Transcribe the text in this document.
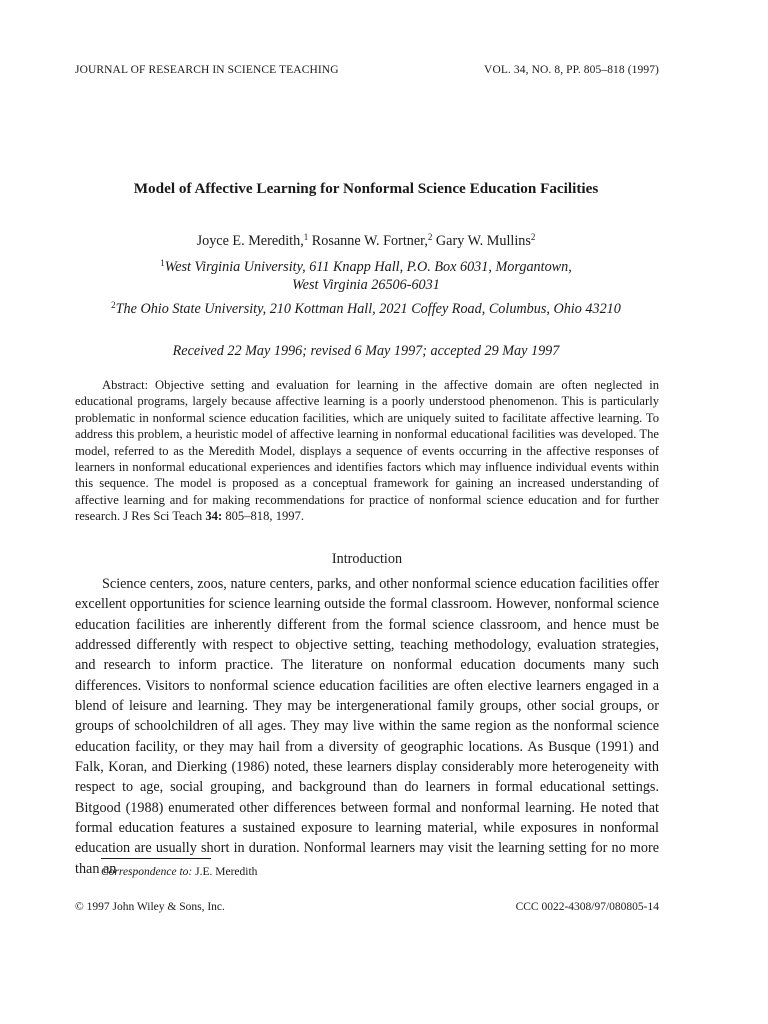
JOURNAL OF RESEARCH IN SCIENCE TEACHING	VOL. 34, NO. 8, PP. 805–818 (1997)
Model of Affective Learning for Nonformal Science Education Facilities
Joyce E. Meredith,$^1$ Rosanne W. Fortner,$^2$ Gary W. Mullins$^2$
$^1$West Virginia University, 611 Knapp Hall, P.O. Box 6031, Morgantown,
West Virginia 26506-6031
$^2$The Ohio State University, 210 Kottman Hall, 2021 Coffey Road, Columbus, Ohio 43210
Received 22 May 1996; revised 6 May 1997; accepted 29 May 1997

Abstract: Objective setting and evaluation for learning in the affective domain are often neglected in educational programs, largely because affective learning is a poorly understood phenomenon. This is particularly problematic in nonformal science education facilities, which are uniquely suited to facilitate affective learning. To address this problem, a heuristic model of affective learning in nonformal educational facilities was developed. The model, referred to as the Meredith Model, displays a sequence of events occurring in the affective responses of learners in nonformal educational experiences and identifies factors which may influence individual events within this sequence. The model is proposed as a conceptual framework for gaining an increased understanding of affective learning and for making recommendations for practice of nonformal science education and for further research. J Res Sci Teach 34: 805–818, 1997.

Introduction

Science centers, zoos, nature centers, parks, and other nonformal science education facilities offer excellent opportunities for science learning outside the formal classroom. However, nonformal science education facilities are inherently different from the formal science classroom, and hence must be addressed differently with respect to objective setting, teaching methodology, evaluation strategies, and research to inform practice. The literature on nonformal education documents many such differences. Visitors to nonformal science education facilities are often elective learners engaged in a blend of leisure and learning. They may be intergenerational family groups, other social groups, or groups of schoolchildren of all ages. They may live within the same region as the nonformal science education facility, or they may hail from a diversity of geographic locations. As Busque (1991) and Falk, Koran, and Dierking (1986) noted, these learners display considerably more heterogeneity with respect to age, social grouping, and background than do learners in formal educational settings. Bitgood (1988) enumerated other differences between formal and nonformal learning. He noted that formal education features a sustained exposure to learning material, while exposures in nonformal education are usually short in duration. Nonformal learners may visit the learning setting for no more than an

Correspondence to: J.E. Meredith
© 1997 John Wiley & Sons, Inc.	CCC 0022-4308/97/080805-14
